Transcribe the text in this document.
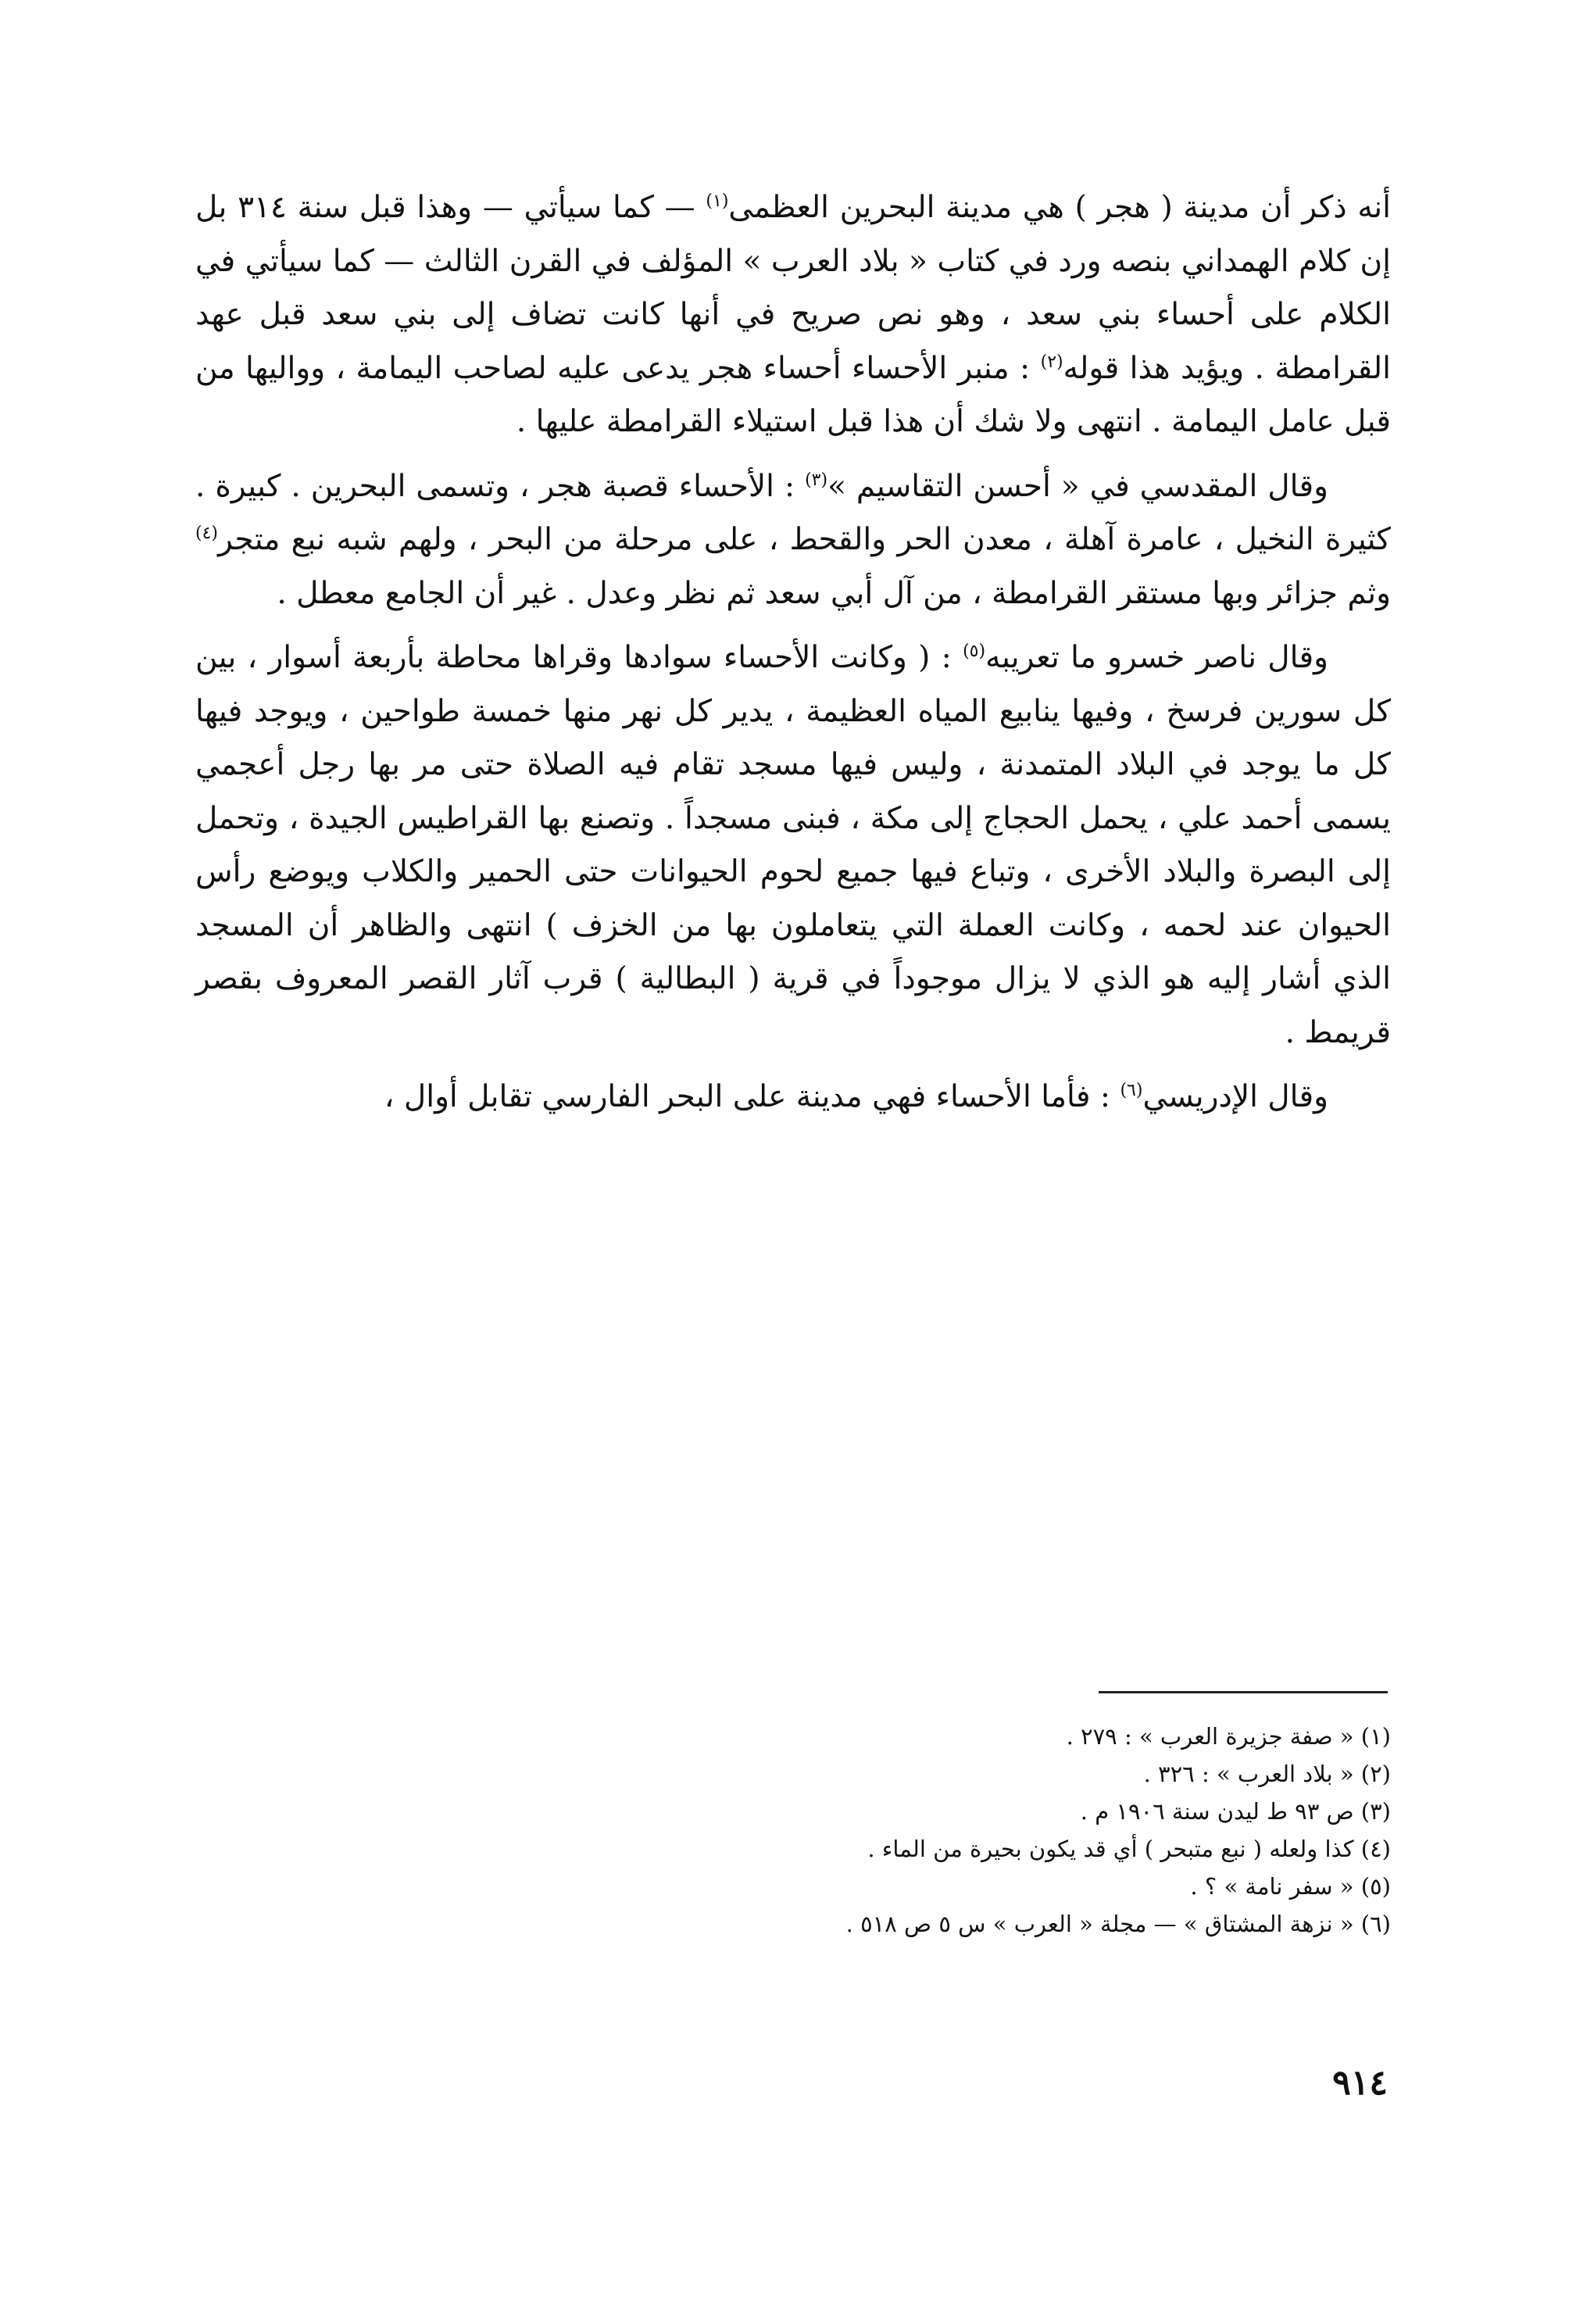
أنه ذكر أن مدينة ( هجر ) هي مدينة البحرين العظمى$^{(١)}$ — كما سيأتي — وهذا قبل سنة ٣١٤ بل إن كلام الهمداني بنصه ورد في كتاب « بلاد العرب » المؤلف في القرن الثالث — كما سيأتي في الكلام على أحساء بني سعد ، وهو نص صريح في أنها كانت تضاف إلى بني سعد قبل عهد القرامطة . ويؤيد هذا قوله$^{(٢)}$ : منبر الأحساء أحساء هجر يدعى عليه لصاحب اليمامة ، وواليها من قبل عامل اليمامة . انتهى ولا شك أن هذا قبل استيلاء القرامطة عليها .

وقال المقدسي في « أحسن التقاسيم »$^{(٣)}$ : الأحساء قصبة هجر ، وتسمى البحرين . كبيرة . كثيرة النخيل ، عامرة آهلة ، معدن الحر والقحط ، على مرحلة من البحر ، ولهم شبه نبع متجر$^{(٤)}$ وثم جزائر وبها مستقر القرامطة ، من آل أبي سعد ثم نظر وعدل . غير أن الجامع معطل .

وقال ناصر خسرو ما تعريبه$^{(٥)}$ : ( وكانت الأحساء سوادها وقراها محاطة بأربعة أسوار ، بين كل سورين فرسخ ، وفيها ينابيع المياه العظيمة ، يدير كل نهر منها خمسة طواحين ، ويوجد فيها كل ما يوجد في البلاد المتمدنة ، وليس فيها مسجد تقام فيه الصلاة حتى مر بها رجل أعجمي يسمى أحمد علي ، يحمل الحجاج إلى مكة ، فبنى مسجداً . وتصنع بها القراطيس الجيدة ، وتحمل إلى البصرة والبلاد الأخرى ، وتباع فيها جميع لحوم الحيوانات حتى الحمير والكلاب ويوضع رأس الحيوان عند لحمه ، وكانت العملة التي يتعاملون بها من الخزف ) انتهى والظاهر أن المسجد الذي أشار إليه هو الذي لا يزال موجوداً في قرية ( البطالية ) قرب آثار القصر المعروف بقصر قريمط .

وقال الإدريسي$^{(٦)}$ : فأما الأحساء فهي مدينة على البحر الفارسي تقابل أوال ،

(١) « صفة جزيرة العرب » : ٢٧٩ .

(٢) « بلاد العرب » : ٣٢٦ .

(٣) ص ٩٣ ط ليدن سنة ١٩٠٦ م .

(٤) كذا ولعله ( نبع متبحر ) أي قد يكون بحيرة من الماء .

(٥) « سفر نامة » ؟ .

(٦) « نزهة المشتاق » — مجلة « العرب » س ٥ ص ٥١٨ .

٩١٤
